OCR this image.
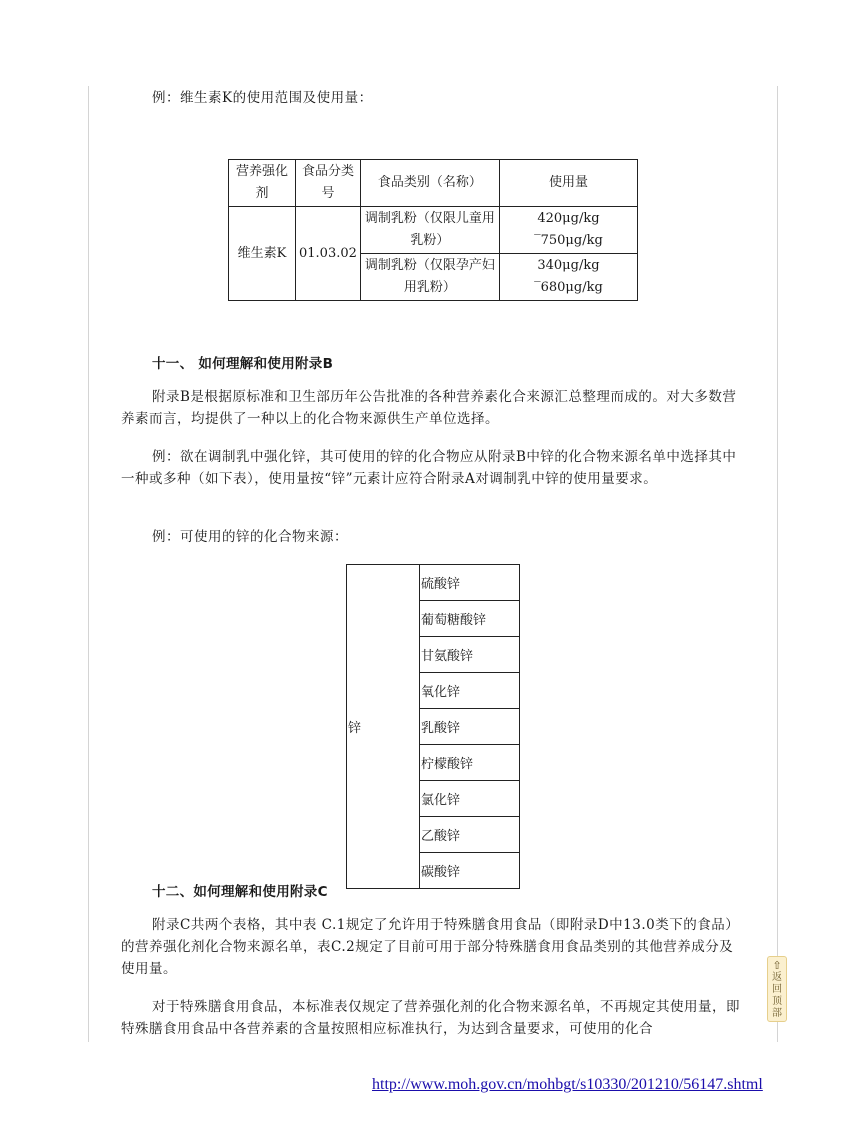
例：维生素K的使用范围及使用量：
营养强化剂	食品分类号	食品类别（名称）	使用量
维生素K	01.03.02	调制乳粉（仅限儿童用乳粉）	420μg/kg ‾750μg/kg
		调制乳粉（仅限孕产妇用乳粉）	340μg/kg ‾680μg/kg
十一、 如何理解和使用附录B
附录B是根据原标准和卫生部历年公告批准的各种营养素化合来源汇总整理而成的。对大多数营养素而言，均提供了一种以上的化合物来源供生产单位选择。
例：欲在调制乳中强化锌，其可使用的锌的化合物应从附录B中锌的化合物来源名单中选择其中一种或多种（如下表），使用量按“锌”元素计应符合附录A对调制乳中锌的使用量要求。
例：可使用的锌的化合物来源：
锌	硫酸锌
葡萄糖酸锌
甘氨酸锌
氧化锌
乳酸锌
柠檬酸锌
氯化锌
乙酸锌
碳酸锌
十二、如何理解和使用附录C
附录C共两个表格，其中表 C.1规定了允许用于特殊膳食用食品（即附录D中13.0类下的食品）的营养强化剂化合物来源名单，表C.2规定了目前可用于部分特殊膳食用食品类别的其他营养成分及使用量。
对于特殊膳食用食品，本标准表仅规定了营养强化剂的化合物来源名单，不再规定其使用量，即特殊膳食用食品中各营养素的含量按照相应标准执行，为达到含量要求，可使用的化合
⇧
返回顶部
http://www.moh.gov.cn/mohbgt/s10330/201210/56147.shtml
